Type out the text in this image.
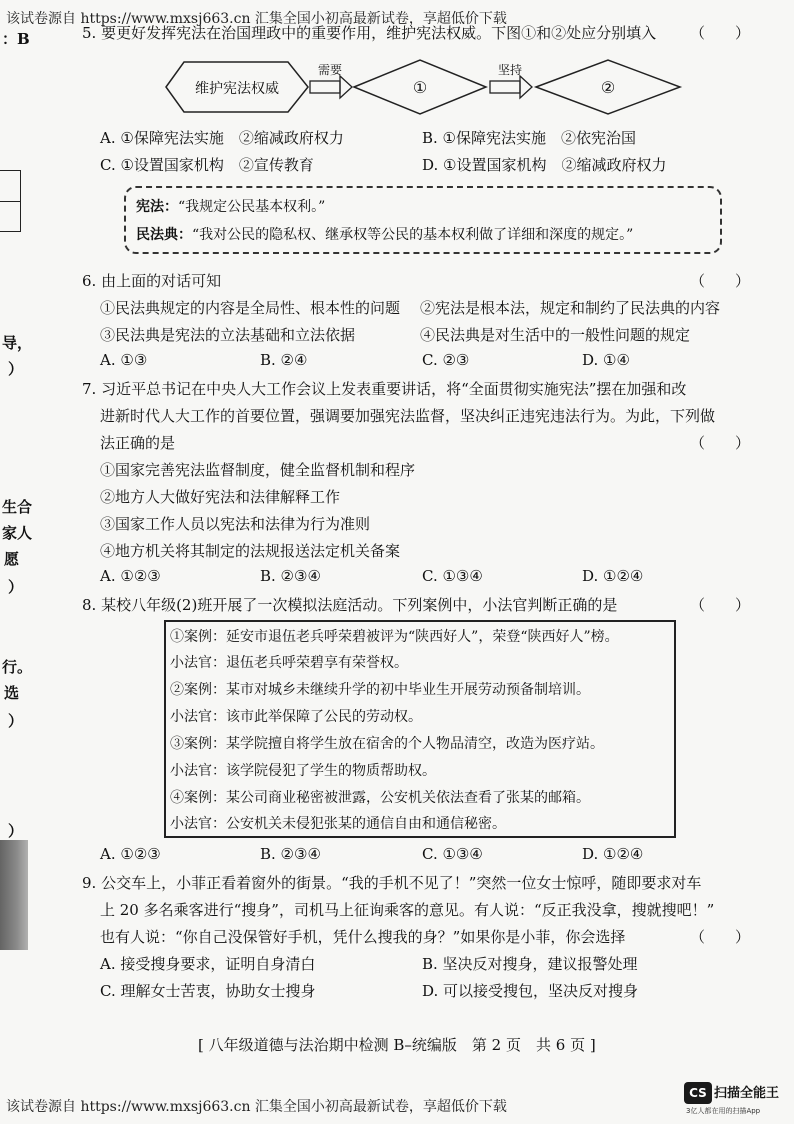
该试卷源自 https://www.mxsj663.cn 汇集全国小初高最新试卷，享超低价下载
：B
导，
）
生合
家人
愿
）
行。
选
）
）
5. 要更好发挥宪法在治国理政中的重要作用，维护宪法权威。下图①和②处应分别填入 （　　）
维护宪法权威
需要
①
坚持
②
A. ①保障宪法实施　②缩减政府权力	B. ①保障宪法实施　②依宪治国
C. ①设置国家机构　②宣传教育	D. ①设置国家机构　②缩减政府权力
宪法：“我规定公民基本权利。”
民法典：“我对公民的隐私权、继承权等公民的基本权利做了详细和深度的规定。”
6. 由上面的对话可知	（　　）
①民法典规定的内容是全局性、根本性的问题 ②宪法是根本法，规定和制约了民法典的内容
③民法典是宪法的立法基础和立法依据	④民法典是对生活中的一般性问题的规定
A. ①③	B. ②④	C. ②③	D. ①④
7. 习近平总书记在中央人大工作会议上发表重要讲话，将“全面贯彻实施宪法”摆在加强和改
进新时代人大工作的首要位置，强调要加强宪法监督，坚决纠正违宪违法行为。为此，下列做
法正确的是	（　　）
①国家完善宪法监督制度，健全监督机制和程序
②地方人大做好宪法和法律解释工作
③国家工作人员以宪法和法律为行为准则
④地方机关将其制定的法规报送法定机关备案
A. ①②③	B. ②③④	C. ①③④	D. ①②④
8. 某校八年级(2)班开展了一次模拟法庭活动。下列案例中，小法官判断正确的是	（　　）
①案例：延安市退伍老兵呼荣碧被评为“陕西好人”，荣登“陕西好人”榜。
小法官：退伍老兵呼荣碧享有荣誉权。
②案例：某市对城乡未继续升学的初中毕业生开展劳动预备制培训。
小法官：该市此举保障了公民的劳动权。
③案例：某学院擅自将学生放在宿舍的个人物品清空，改造为医疗站。
小法官：该学院侵犯了学生的物质帮助权。
④案例：某公司商业秘密被泄露，公安机关依法查看了张某的邮箱。
小法官：公安机关未侵犯张某的通信自由和通信秘密。
A. ①②③	B. ②③④	C. ①③④	D. ①②④
9. 公交车上，小菲正看着窗外的街景。“我的手机不见了！”突然一位女士惊呼，随即要求对车
上 20 多名乘客进行“搜身”，司机马上征询乘客的意见。有人说：“反正我没拿，搜就搜吧！”
也有人说：“你自己没保管好手机，凭什么搜我的身？”如果你是小菲，你会选择	（　　）
A. 接受搜身要求，证明自身清白	B. 坚决反对搜身，建议报警处理
C. 理解女士苦衷，协助女士搜身	D. 可以接受搜包，坚决反对搜身
[ 八年级道德与法治期中检测 B–统编版　第 2 页　共 6 页 ]
该试卷源自 https://www.mxsj663.cn 汇集全国小初高最新试卷，享超低价下载
CS 扫描全能王
3亿人都在用的扫描App
